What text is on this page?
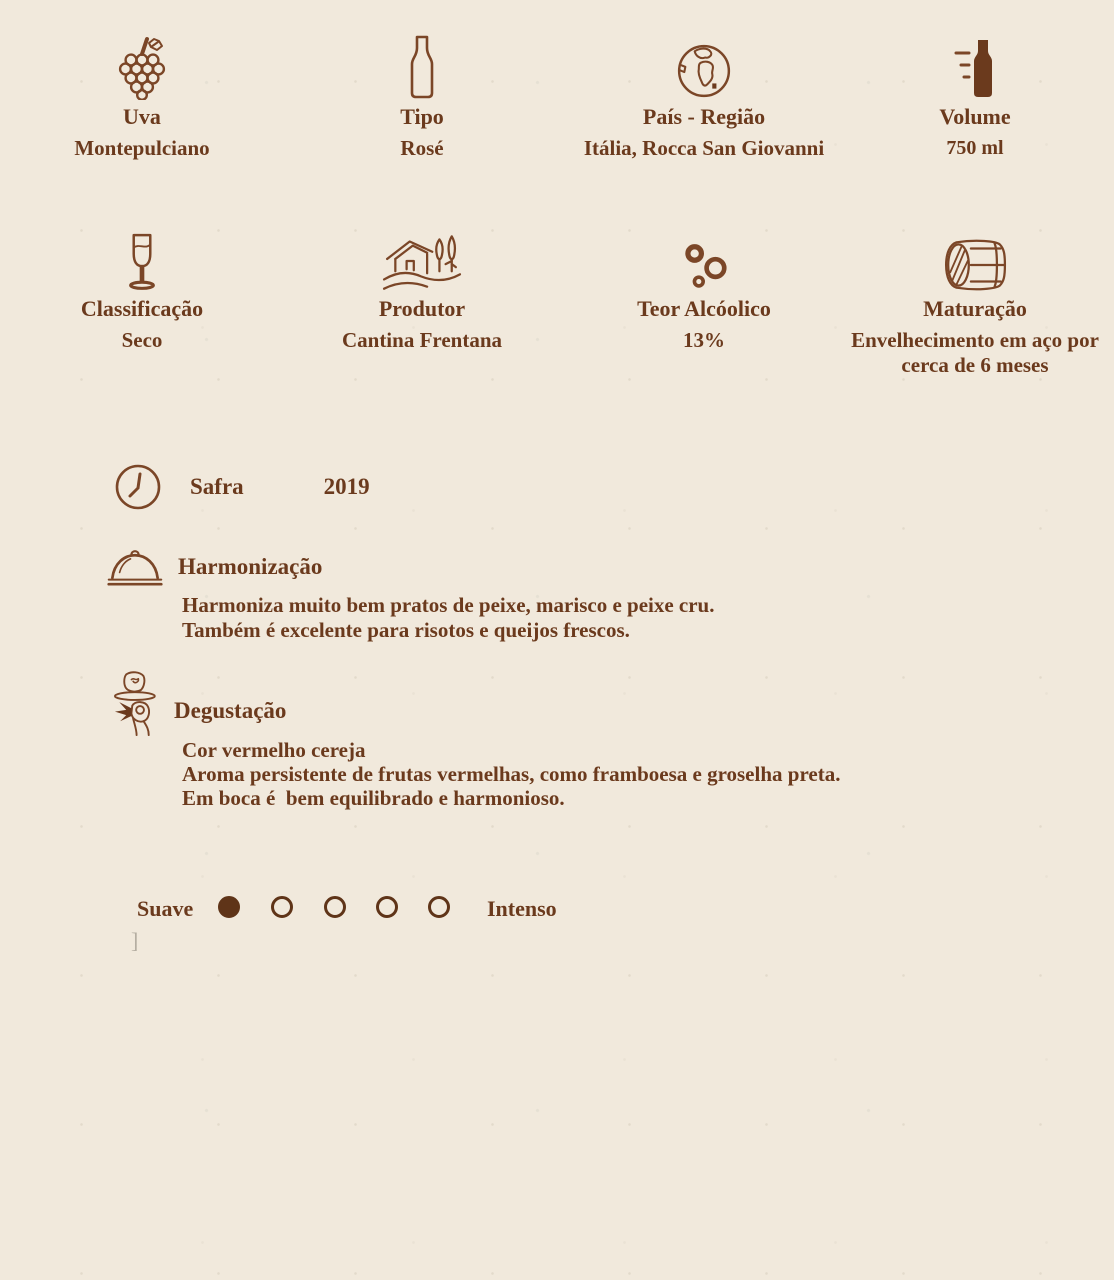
Uva
Montepulciano
Tipo
Rosé
País - Região
Itália, Rocca San Giovanni
Volume
750 ml
Classificação
Seco
Produtor
Cantina Frentana
Teor Alcóolico
13%
Maturação
Envelhecimento em aço por cerca de 6 meses
Safra	2019
Harmonização
Harmoniza muito bem pratos de peixe, marisco e peixe cru.
Também é excelente para risotos e queijos frescos.
Degustação
Cor vermelho cereja
Aroma persistente de frutas vermelhas, como framboesa e groselha preta.
Em boca é  bem equilibrado e harmonioso.
Suave	Intenso
]
